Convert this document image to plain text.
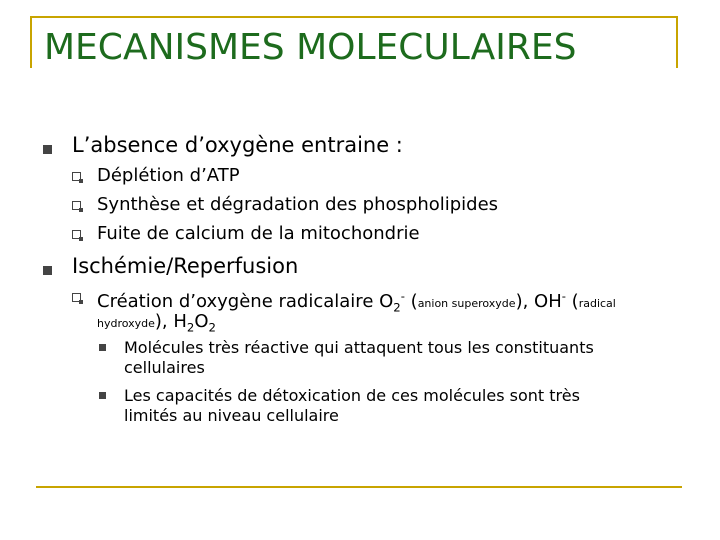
MECANISMES MOLECULAIRES
L’absence d’oxygène entraine :
Déplétion d’ATP
Synthèse et dégradation des phospholipides
Fuite de calcium de la mitochondrie
Ischémie/Reperfusion
Création d’oxygène radicalaire $O_2^-$ (anion superoxyde), OH- (radical
hydroxyde), $H_2O_2$
Molécules très réactive qui attaquent tous les constituants
cellulaires
Les capacités de détoxication de ces molécules sont très
limités au niveau cellulaire
